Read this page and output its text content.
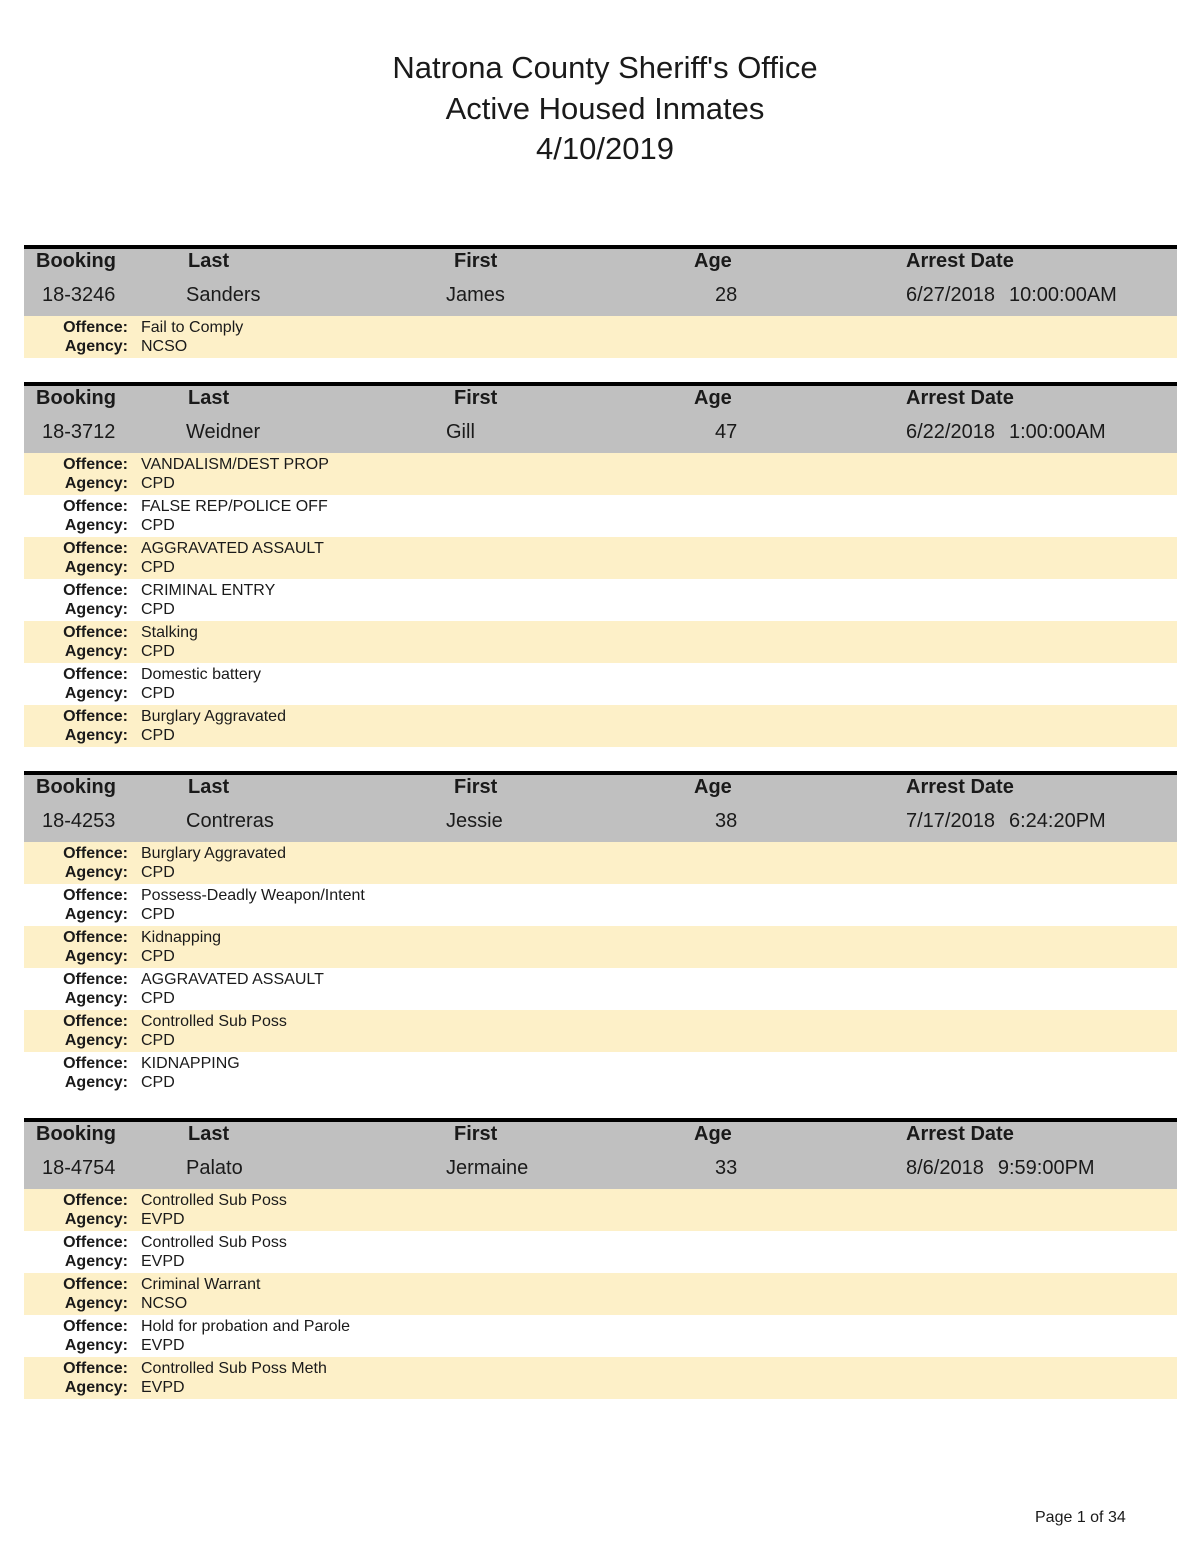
Natrona County Sheriff's Office
Active Housed Inmates
4/10/2019
Booking	Last	First	Age	Arrest Date
18-3246	Sanders	James	28	6/27/2018 10:00:00AM
Offence: Fail to Comply
Agency: NCSO
Booking	Last	First	Age	Arrest Date
18-3712	Weidner	Gill	47	6/22/2018 1:00:00AM
Offence: VANDALISM/DEST PROP
Agency: CPD
Offence: FALSE REP/POLICE OFF
Agency: CPD
Offence: AGGRAVATED ASSAULT
Agency: CPD
Offence: CRIMINAL ENTRY
Agency: CPD
Offence: Stalking
Agency: CPD
Offence: Domestic battery
Agency: CPD
Offence: Burglary Aggravated
Agency: CPD
Booking	Last	First	Age	Arrest Date
18-4253	Contreras	Jessie	38	7/17/2018 6:24:20PM
Offence: Burglary Aggravated
Agency: CPD
Offence: Possess-Deadly Weapon/Intent
Agency: CPD
Offence: Kidnapping
Agency: CPD
Offence: AGGRAVATED ASSAULT
Agency: CPD
Offence: Controlled Sub Poss
Agency: CPD
Offence: KIDNAPPING
Agency: CPD
Booking	Last	First	Age	Arrest Date
18-4754	Palato	Jermaine	33	8/6/2018 9:59:00PM
Offence: Controlled Sub Poss
Agency: EVPD
Offence: Controlled Sub Poss
Agency: EVPD
Offence: Criminal Warrant
Agency: NCSO
Offence: Hold for probation and Parole
Agency: EVPD
Offence: Controlled Sub Poss Meth
Agency: EVPD
Page 1 of 34
